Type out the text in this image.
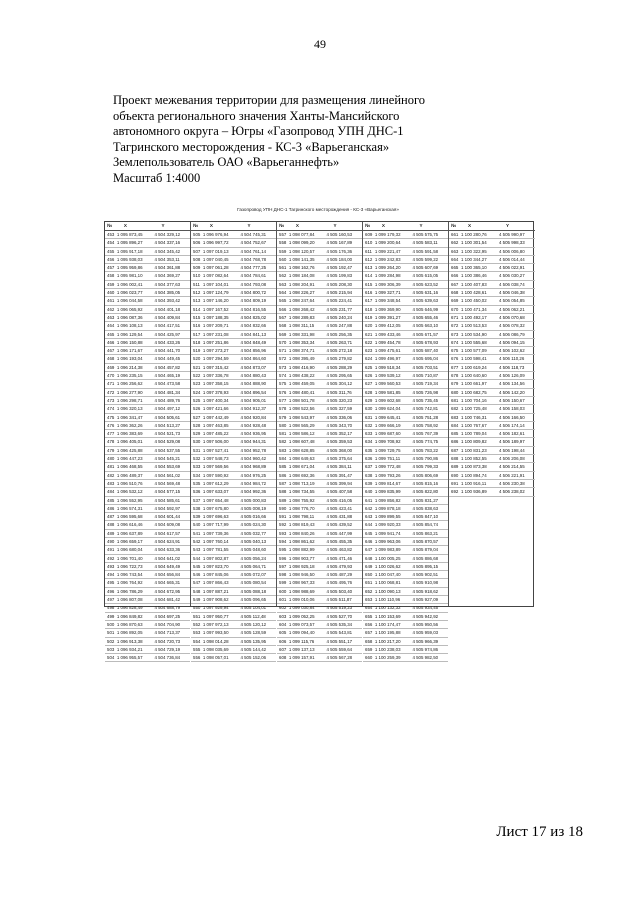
49
Проект межевания территории для размещения линейного
объекта регионального значения Ханты-Мансийского
автономного округа – Югры «Газопровод УПН ДНС-1
Тагринского месторождения - КС-3 «Варьеганская»
Землепользователь ОАО «Варьеганнефть»
Масштаб 1:4000
Газопровод УПН ДНС-1 Тагринского месторождения - КС-3 «Варьеганская»
№	X	Y
453 1 095 873,45	4 504 329,12
454 1 095 896,27	4 504 337,16
455 1 095 917,18	4 504 345,42
456 1 095 938,03	4 504 353,11
457 1 095 959,86	4 504 361,88
458 1 095 981,10	4 504 369,27
459 1 096 002,41	4 504 377,63
460 1 096 023,77	4 504 385,05
461 1 096 044,58	4 504 393,42
462 1 096 065,92	4 504 401,18
463 1 096 087,36	4 504 409,84
464 1 096 108,13	4 504 417,51
465 1 096 129,54	4 504 425,97
466 1 096 150,88	4 504 433,26
467 1 096 171,67	4 504 441,70
468 1 096 193,04	4 504 449,45
469 1 096 214,38	4 504 457,82
470 1 096 235,15	4 504 465,19
471 1 096 256,62	4 504 473,58
472 1 096 277,90	4 504 481,34
473 1 096 298,71	4 504 489,76
474 1 096 320,13	4 504 497,12
475 1 096 341,47	4 504 505,61
476 1 096 362,26	4 504 513,27
477 1 096 383,69	4 504 521,73
478 1 096 405,01	4 504 529,08
479 1 096 425,88	4 504 537,55
480 1 096 447,23	4 504 545,21
481 1 096 468,55	4 504 553,69
482 1 096 489,37	4 504 561,02
483 1 096 510,76	4 504 569,48
484 1 096 532,12	4 504 577,15
485 1 096 552,95	4 504 585,61
486 1 096 574,31	4 504 592,97
487 1 096 595,68	4 504 601,44
488 1 096 616,46	4 504 609,08
489 1 096 637,89	4 504 617,57
490 1 096 659,17	4 504 624,91
491 1 096 680,04	4 504 633,36
492 1 096 701,40	4 504 641,02
493 1 096 722,73	4 504 649,49
494 1 096 743,54	4 504 656,84
495 1 096 764,92	4 504 665,31
496 1 096 786,29	4 504 672,95
497 1 096 807,08	4 504 681,42
498 1 096 828,49	4 504 688,79
499 1 096 849,82	4 504 697,25
500 1 096 870,63	4 504 704,90
501 1 096 892,05	4 504 713,37
502 1 096 913,38	4 504 720,73
503 1 096 934,21	4 504 729,19
504 1 096 955,57	4 504 736,84
№	X	Y
505 1 096 976,94	4 504 745,31
506 1 096 997,72	4 504 752,67
507 1 097 019,13	4 504 761,14
508 1 097 040,45	4 504 768,78
509 1 097 061,28	4 504 777,25
510 1 097 082,64	4 504 784,61
511 1 097 104,01	4 504 793,08
512 1 097 124,79	4 504 800,72
513 1 097 146,20	4 504 809,19
514 1 097 167,52	4 504 816,55
515 1 097 188,35	4 504 825,02
516 1 097 209,71	4 504 832,66
517 1 097 231,08	4 504 841,13
518 1 097 251,86	4 504 848,49
519 1 097 273,27	4 504 856,96
520 1 097 294,59	4 504 864,60
521 1 097 315,42	4 504 873,07
522 1 097 336,78	4 504 880,43
523 1 097 358,15	4 504 888,90
524 1 097 378,93	4 504 896,54
525 1 097 400,34	4 504 905,01
526 1 097 421,66	4 504 912,37
527 1 097 442,49	4 504 920,84
528 1 097 463,85	4 504 928,48
529 1 097 485,22	4 504 936,95
530 1 097 506,00	4 504 944,31
531 1 097 527,41	4 504 952,78
532 1 097 548,73	4 504 960,42
533 1 097 569,56	4 504 968,89
534 1 097 590,92	4 504 976,25
535 1 097 612,29	4 504 984,72
536 1 097 633,07	4 504 992,36
537 1 097 654,48	4 505 000,83
538 1 097 675,80	4 505 008,19
539 1 097 696,63	4 505 016,66
540 1 097 717,99	4 505 024,30
541 1 097 739,36	4 505 032,77
542 1 097 760,14	4 505 040,13
543 1 097 781,55	4 505 048,60
544 1 097 802,87	4 505 056,24
545 1 097 823,70	4 505 064,71
546 1 097 845,06	4 505 072,07
547 1 097 866,43	4 505 080,54
548 1 097 887,21	4 505 088,18
549 1 097 908,62	4 505 096,65
550 1 097 929,94	4 505 104,01
551 1 097 950,77	4 505 112,48
552 1 097 972,13	4 505 120,12
553 1 097 993,50	4 505 128,59
554 1 098 014,28	4 505 135,95
555 1 098 035,69	4 505 144,42
556 1 098 057,01	4 505 152,06
№	X	Y
557 1 098 077,84	4 505 160,53
558 1 098 099,20	4 505 167,89
559 1 098 120,57	4 505 176,36
560 1 098 141,35	4 505 184,00
561 1 098 162,76	4 505 192,47
562 1 098 184,08	4 505 199,83
563 1 098 204,91	4 505 208,30
564 1 098 226,27	4 505 215,94
565 1 098 247,64	4 505 224,41
566 1 098 268,42	4 505 231,77
567 1 098 289,83	4 505 240,24
568 1 098 311,15	4 505 247,88
569 1 098 331,98	4 505 256,35
570 1 098 353,34	4 505 263,71
571 1 098 374,71	4 505 272,18
572 1 098 395,49	4 505 279,82
573 1 098 416,90	4 505 288,29
574 1 098 438,22	4 505 295,65
575 1 098 459,05	4 505 304,12
576 1 098 480,41	4 505 311,76
577 1 098 501,78	4 505 320,23
578 1 098 522,56	4 505 327,59
579 1 098 543,97	4 505 336,06
580 1 098 565,29	4 505 343,70
581 1 098 586,12	4 505 352,17
582 1 098 607,48	4 505 359,53
583 1 098 628,85	4 505 368,00
584 1 098 649,63	4 505 375,64
585 1 098 671,04	4 505 384,11
586 1 098 692,36	4 505 391,47
587 1 098 713,19	4 505 399,94
588 1 098 734,55	4 505 407,58
589 1 098 755,92	4 505 416,05
590 1 098 776,70	4 505 423,41
591 1 098 798,11	4 505 431,88
592 1 098 819,43	4 505 439,52
593 1 098 840,26	4 505 447,99
594 1 098 861,62	4 505 455,35
595 1 098 882,99	4 505 463,82
596 1 098 903,77	4 505 471,46
597 1 098 925,18	4 505 479,93
598 1 098 946,50	4 505 487,29
599 1 098 967,33	4 505 495,76
600 1 098 988,69	4 505 503,40
601 1 099 010,06	4 505 511,87
602 1 099 030,84	4 505 519,23
603 1 099 052,25	4 505 527,70
604 1 099 073,57	4 505 535,34
605 1 099 094,40	4 505 543,81
606 1 099 115,76	4 505 551,17
607 1 099 137,13	4 505 559,64
608 1 099 157,91	4 505 567,28
№	X	Y
609 1 099 179,32	4 505 575,75
610 1 099 200,64	4 505 583,11
611 1 099 221,47	4 505 591,58
612 1 099 242,83	4 505 599,22
613 1 099 264,20	4 505 607,69
614 1 099 284,98	4 505 615,05
615 1 099 306,39	4 505 623,52
616 1 099 327,71	4 505 631,16
617 1 099 348,54	4 505 639,63
618 1 099 369,90	4 505 646,99
619 1 099 391,27	4 505 655,46
620 1 099 412,05	4 505 663,10
621 1 099 433,46	4 505 671,57
622 1 099 454,78	4 505 678,93
623 1 099 475,61	4 505 687,40
624 1 099 496,97	4 505 695,04
625 1 099 518,34	4 505 703,51
626 1 099 539,12	4 505 710,87
627 1 099 560,53	4 505 719,34
628 1 099 581,85	4 505 726,98
629 1 099 602,68	4 505 735,45
630 1 099 624,04	4 505 742,81
631 1 099 645,41	4 505 751,28
632 1 099 666,19	4 505 758,92
633 1 099 687,60	4 505 767,39
634 1 099 708,92	4 505 774,75
635 1 099 729,75	4 505 783,22
636 1 099 751,11	4 505 790,86
637 1 099 772,48	4 505 799,33
638 1 099 793,26	4 505 806,69
639 1 099 814,67	4 505 815,16
640 1 099 835,99	4 505 822,80
641 1 099 856,82	4 505 831,27
642 1 099 878,18	4 505 838,63
643 1 099 899,55	4 505 847,10
644 1 099 920,33	4 505 854,74
645 1 099 941,74	4 505 863,21
646 1 099 963,06	4 505 870,57
647 1 099 983,89	4 505 879,04
648 1 100 005,25	4 505 886,68
649 1 100 026,62	4 505 895,15
650 1 100 047,40	4 505 902,51
651 1 100 068,81	4 505 910,98
652 1 100 090,13	4 505 918,62
653 1 100 110,96	4 505 927,09
654 1 100 132,32	4 505 934,45
655 1 100 153,69	4 505 942,92
656 1 100 174,47	4 505 950,56
657 1 100 195,88	4 505 959,03
658 1 100 217,20	4 505 966,39
659 1 100 238,03	4 505 974,86
660 1 100 259,39	4 505 982,50
№	X	Y
661 1 100 280,76	4 505 990,97
662 1 100 301,54	4 505 998,33
663 1 100 322,95	4 506 006,80
664 1 100 344,27	4 506 014,44
665 1 100 365,10	4 506 022,91
666 1 100 386,46	4 506 030,27
667 1 100 407,83	4 506 038,74
668 1 100 428,61	4 506 046,38
669 1 100 450,02	4 506 054,85
670 1 100 471,34	4 506 062,21
671 1 100 492,17	4 506 070,68
672 1 100 513,53	4 506 078,32
673 1 100 534,90	4 506 086,79
674 1 100 555,68	4 506 094,15
675 1 100 577,09	4 506 102,62
676 1 100 598,41	4 506 110,26
677 1 100 619,24	4 506 118,73
678 1 100 640,60	4 506 126,09
679 1 100 661,97	4 506 134,56
680 1 100 682,75	4 506 142,20
681 1 100 704,16	4 506 150,67
682 1 100 725,48	4 506 158,03
683 1 100 746,31	4 506 166,50
684 1 100 767,67	4 506 174,14
685 1 100 789,04	4 506 182,61
686 1 100 809,82	4 506 189,97
687 1 100 831,23	4 506 198,44
688 1 100 852,55	4 506 206,08
689 1 100 873,38	4 506 214,55
690 1 100 894,74	4 506 221,91
691 1 100 916,11	4 506 230,38
692 1 100 936,89	4 506 238,02
Лист 17 из 18
